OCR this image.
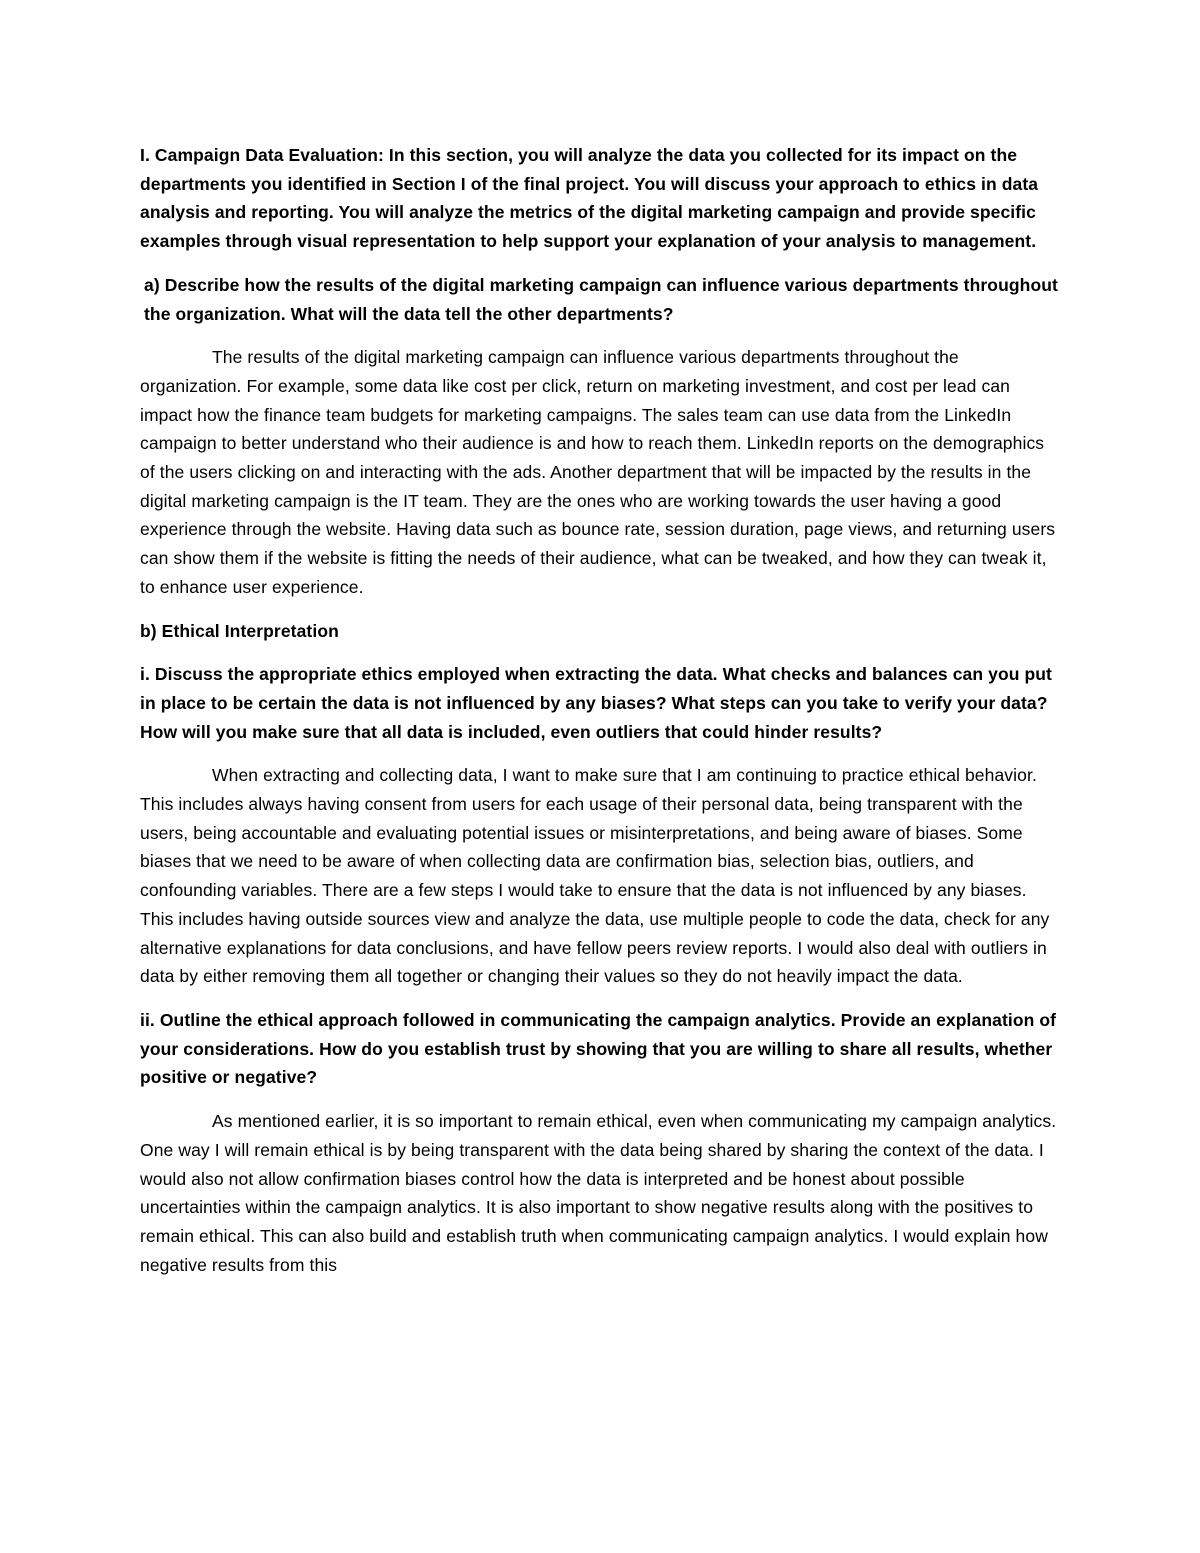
I. Campaign Data Evaluation: In this section, you will analyze the data you collected for its impact on the departments you identified in Section I of the final project. You will discuss your approach to ethics in data analysis and reporting. You will analyze the metrics of the digital marketing campaign and provide specific examples through visual representation to help support your explanation of your analysis to management.

a) Describe how the results of the digital marketing campaign can influence various departments throughout the organization. What will the data tell the other departments?

The results of the digital marketing campaign can influence various departments throughout the organization. For example, some data like cost per click, return on marketing investment, and cost per lead can impact how the finance team budgets for marketing campaigns. The sales team can use data from the LinkedIn campaign to better understand who their audience is and how to reach them. LinkedIn reports on the demographics of the users clicking on and interacting with the ads. Another department that will be impacted by the results in the digital marketing campaign is the IT team. They are the ones who are working towards the user having a good experience through the website. Having data such as bounce rate, session duration, page views, and returning users can show them if the website is fitting the needs of their audience, what can be tweaked, and how they can tweak it, to enhance user experience.

b) Ethical Interpretation

i. Discuss the appropriate ethics employed when extracting the data. What checks and balances can you put in place to be certain the data is not influenced by any biases? What steps can you take to verify your data? How will you make sure that all data is included, even outliers that could hinder results?

When extracting and collecting data, I want to make sure that I am continuing to practice ethical behavior. This includes always having consent from users for each usage of their personal data, being transparent with the users, being accountable and evaluating potential issues or misinterpretations, and being aware of biases. Some biases that we need to be aware of when collecting data are confirmation bias, selection bias, outliers, and confounding variables. There are a few steps I would take to ensure that the data is not influenced by any biases. This includes having outside sources view and analyze the data, use multiple people to code the data, check for any alternative explanations for data conclusions, and have fellow peers review reports. I would also deal with outliers in data by either removing them all together or changing their values so they do not heavily impact the data.

ii. Outline the ethical approach followed in communicating the campaign analytics. Provide an explanation of your considerations. How do you establish trust by showing that you are willing to share all results, whether positive or negative?

As mentioned earlier, it is so important to remain ethical, even when communicating my campaign analytics. One way I will remain ethical is by being transparent with the data being shared by sharing the context of the data. I would also not allow confirmation biases control how the data is interpreted and be honest about possible uncertainties within the campaign analytics. It is also important to show negative results along with the positives to remain ethical. This can also build and establish truth when communicating campaign analytics. I would explain how negative results from this
